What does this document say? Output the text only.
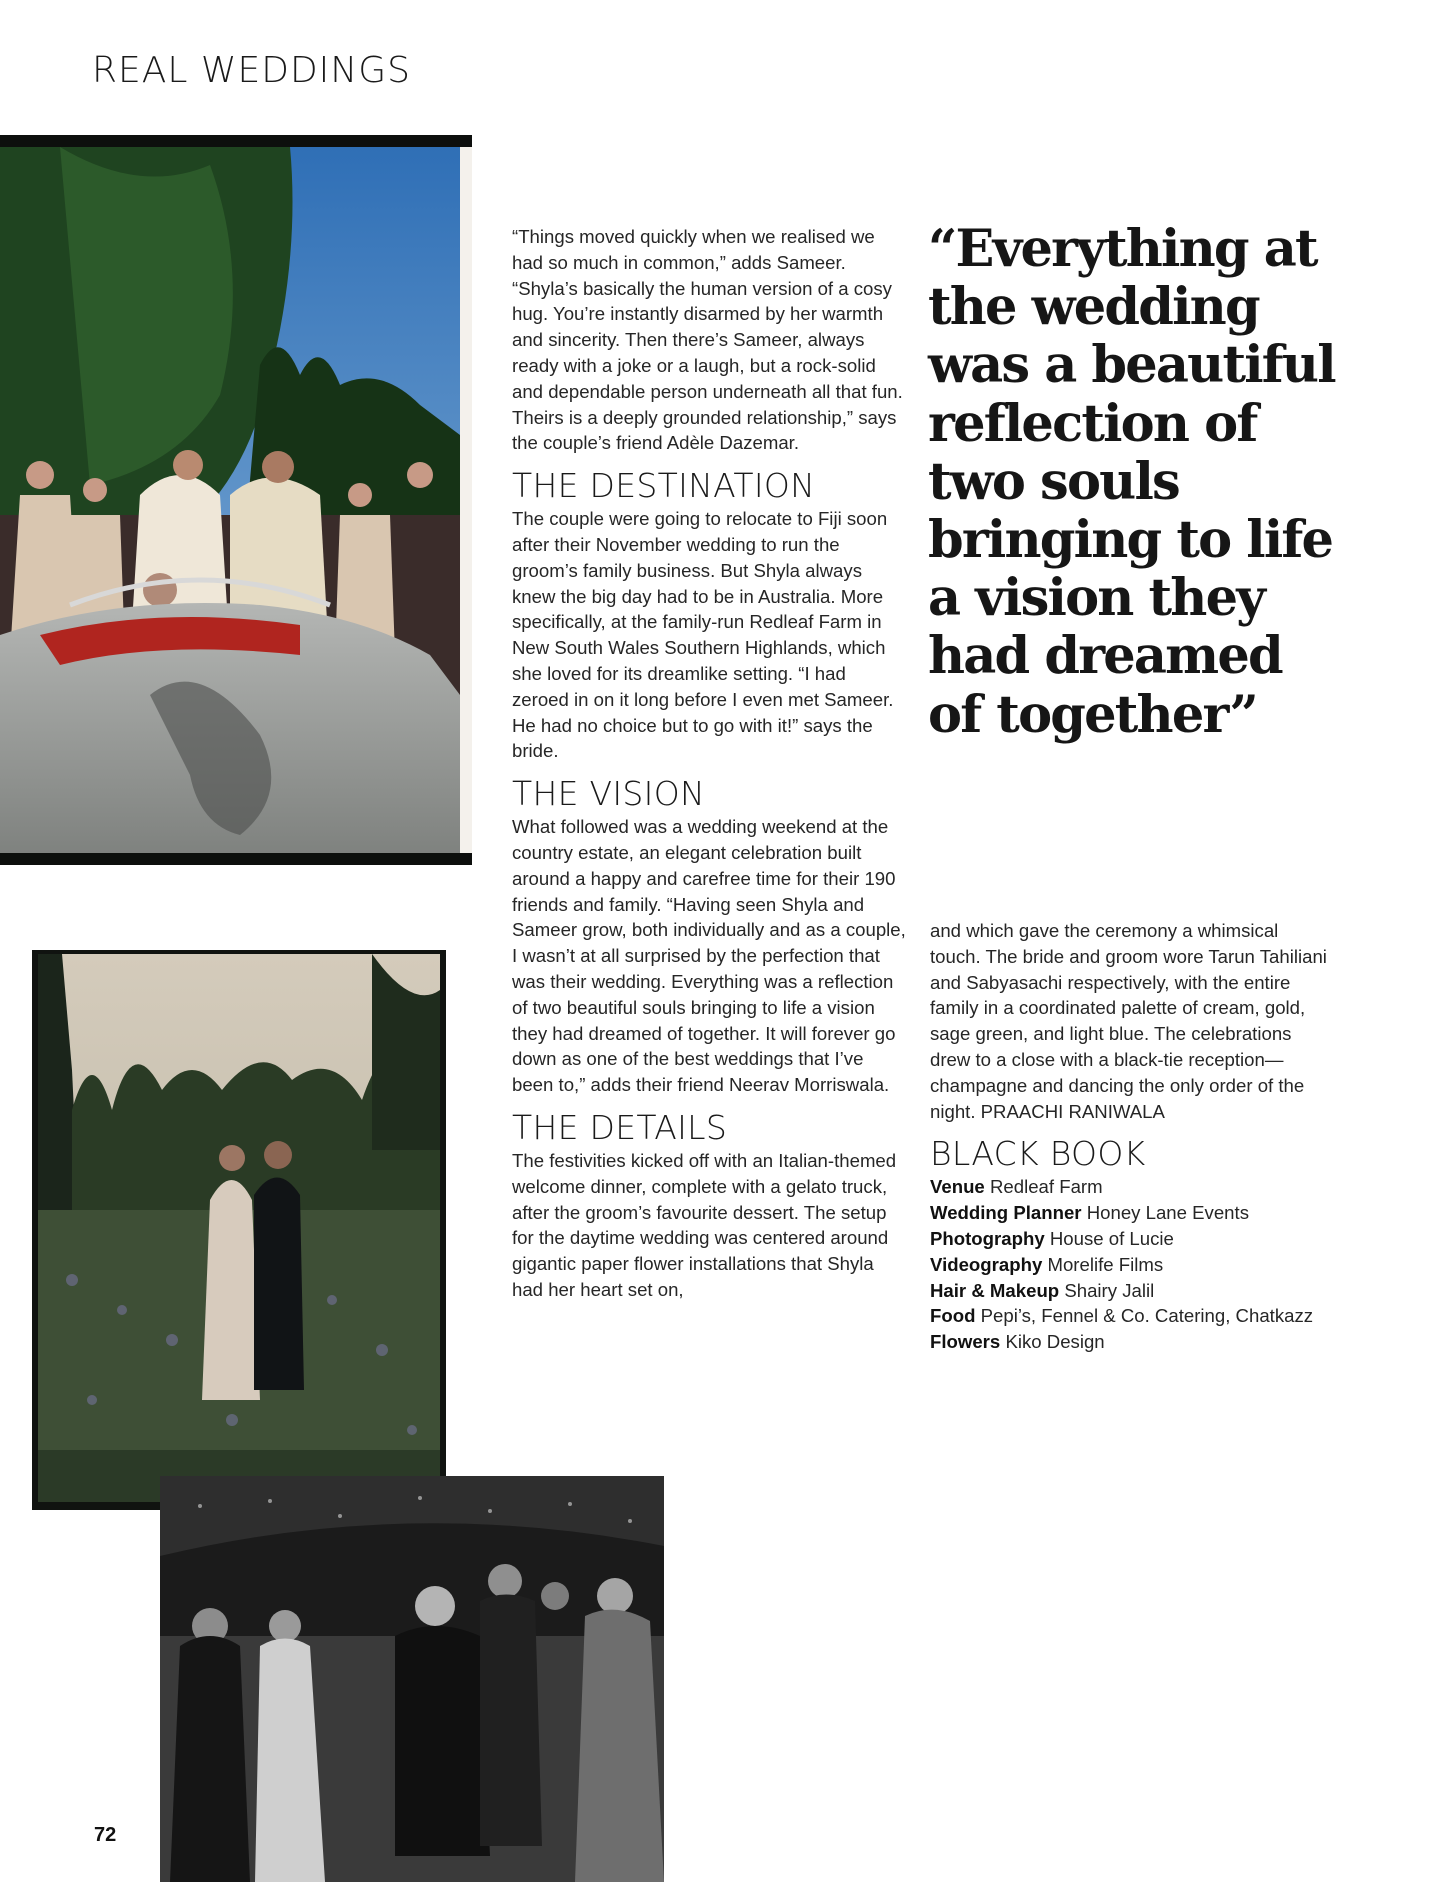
REAL WEDDINGS

“Things moved quickly when we realised we had so much in common,” adds Sameer. “Shyla’s basically the human version of a cosy hug. You’re instantly disarmed by her warmth and sincerity. Then there’s Sameer, always ready with a joke or a laugh, but a rock-solid and dependable person underneath all that fun. Theirs is a deeply grounded relationship,” says the couple’s friend Adèle Dazemar.

THE DESTINATION

The couple were going to relocate to Fiji soon after their November wedding to run the groom’s family business. But Shyla always knew the big day had to be in Australia. More specifically, at the family-run Redleaf Farm in New South Wales Southern Highlands, which she loved for its dreamlike setting. “I had zeroed in on it long before I even met Sameer. He had no choice but to go with it!” says the bride.

THE VISION

What followed was a wedding weekend at the country estate, an elegant celebration built around a happy and carefree time for their 190 friends and family. “Having seen Shyla and Sameer grow, both individually and as a couple, I wasn’t at all surprised by the perfection that was their wedding. Everything was a reflection of two beautiful souls bringing to life a vision they had dreamed of together. It will forever go down as one of the best weddings that I’ve been to,” adds their friend Neerav Morriswala.

THE DETAILS

The festivities kicked off with an Italian-themed welcome dinner, complete with a gelato truck, after the groom’s favourite dessert. The setup for the daytime wedding was centered around gigantic paper flower installations that Shyla had her heart set on,

“Everything at the wedding was a beautiful reflection of two souls bringing to life a vision they had dreamed of together”

and which gave the ceremony a whimsical touch. The bride and groom wore Tarun Tahiliani and Sabyasachi respectively, with the entire family in a coordinated palette of cream, gold, sage green, and light blue. The celebrations drew to a close with a black-tie reception—champagne and dancing the only order of the night. PRAACHI RANIWALA

BLACK BOOK
Venue Redleaf Farm
Wedding Planner Honey Lane Events
Photography House of Lucie
Videography Morelife Films
Hair & Makeup Shairy Jalil
Food Pepi’s, Fennel & Co. Catering, Chatkazz
Flowers Kiko Design
72
